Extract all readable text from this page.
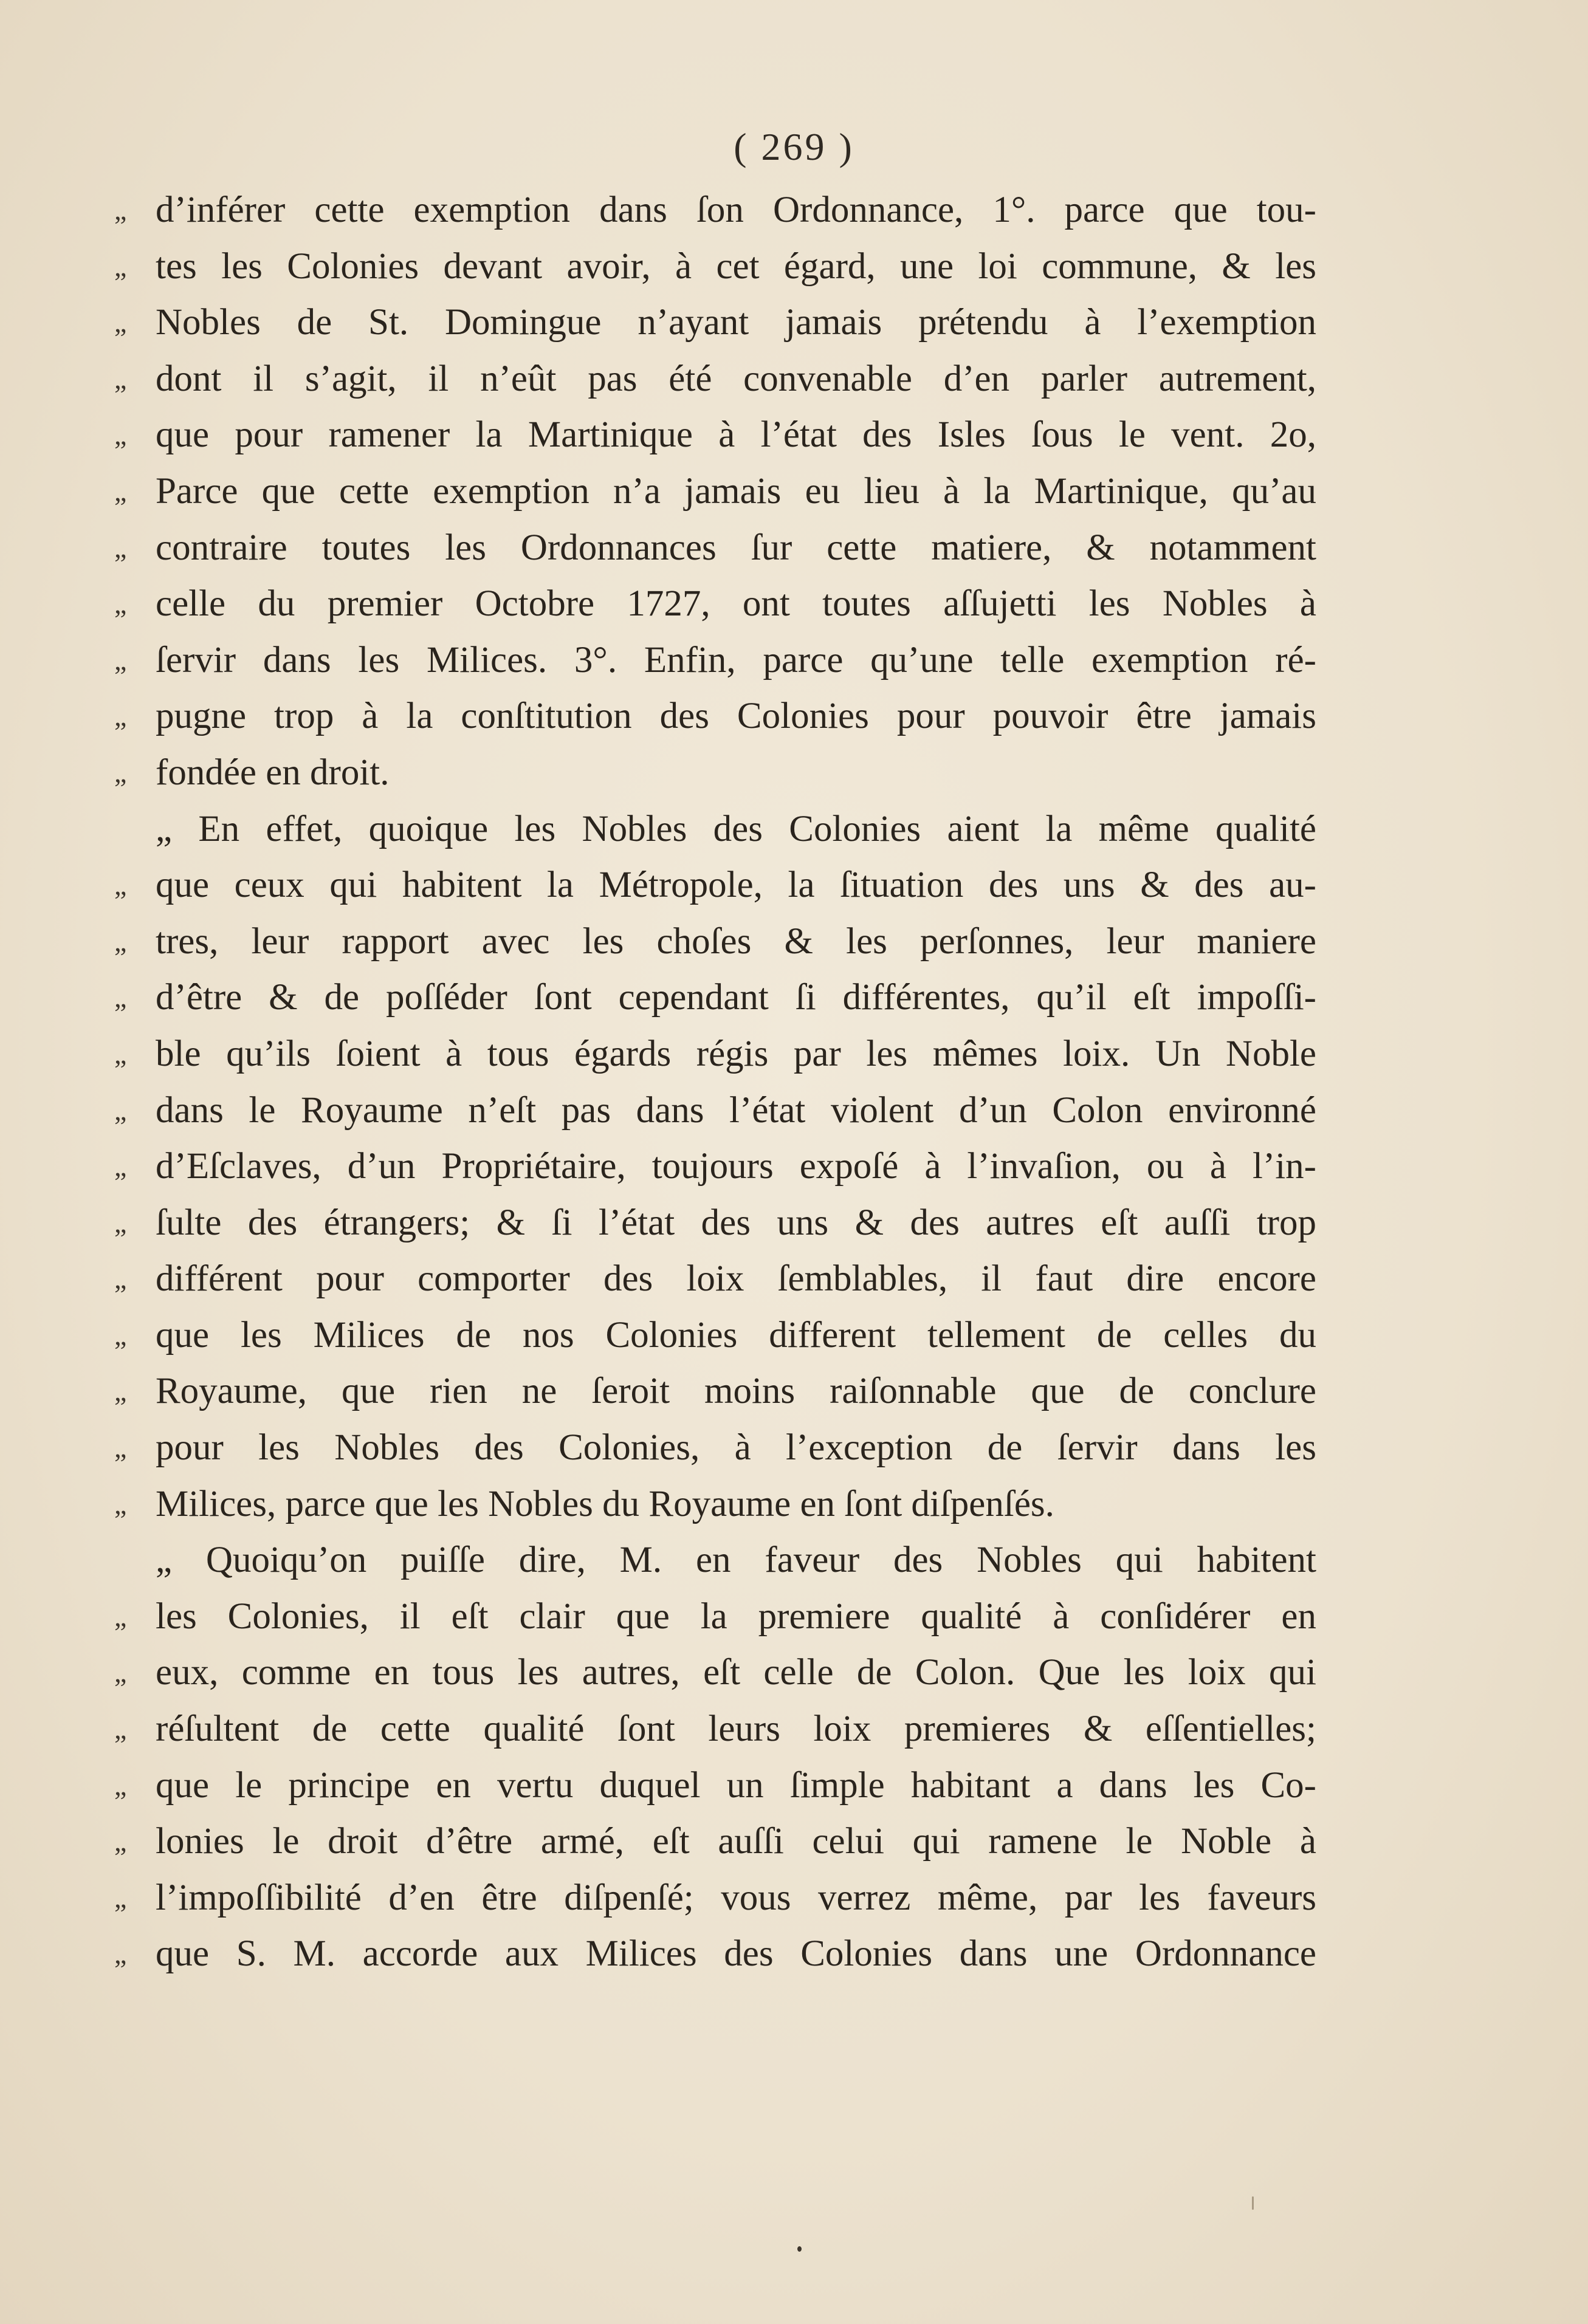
( 269 )
„ d’inférer cette exemption dans ſon Ordonnance, 1°. parce que tou-
„ tes les Colonies devant avoir, à cet égard, une loi commune, & les
„ Nobles de St. Domingue n’ayant jamais prétendu à l’exemption
„ dont il s’agit, il n’eût pas été convenable d’en parler autrement,
„ que pour ramener la Martinique à l’état des Isles ſous le vent. 2o,
„ Parce que cette exemption n’a jamais eu lieu à la Martinique, qu’au
„ contraire toutes les Ordonnances ſur cette matiere, & notamment
„ celle du premier Octobre 1727, ont toutes aſſujetti les Nobles à
„ ſervir dans les Milices. 3°. Enfin, parce qu’une telle exemption ré-
„ pugne trop à la conſtitution des Colonies pour pouvoir être jamais
„ fondée en droit.
„ En effet, quoique les Nobles des Colonies aient la même qualité
„ que ceux qui habitent la Métropole, la ſituation des uns & des au-
„ tres, leur rapport avec les choſes & les perſonnes, leur maniere
„ d’être & de poſſéder ſont cependant ſi différentes, qu’il eſt impoſſi-
„ ble qu’ils ſoient à tous égards régis par les mêmes loix. Un Noble
„ dans le Royaume n’eſt pas dans l’état violent d’un Colon environné
„ d’Eſclaves, d’un Propriétaire, toujours expoſé à l’invaſion, ou à l’in-
„ ſulte des étrangers; & ſi l’état des uns & des autres eſt auſſi trop
„ différent pour comporter des loix ſemblables, il faut dire encore
„ que les Milices de nos Colonies different tellement de celles du
„ Royaume, que rien ne ſeroit moins raiſonnable que de conclure
„ pour les Nobles des Colonies, à l’exception de ſervir dans les
„ Milices, parce que les Nobles du Royaume en ſont diſpenſés.
„ Quoiqu’on puiſſe dire, M. en faveur des Nobles qui habitent
„ les Colonies, il eſt clair que la premiere qualité à conſidérer en
„ eux, comme en tous les autres, eſt celle de Colon. Que les loix qui
„ réſultent de cette qualité ſont leurs loix premieres & eſſentielles;
„ que le principe en vertu duquel un ſimple habitant a dans les Co-
„ lonies le droit d’être armé, eſt auſſi celui qui ramene le Noble à
„ l’impoſſibilité d’en être diſpenſé; vous verrez même, par les faveurs
„ que S. M. accorde aux Milices des Colonies dans une Ordonnance
